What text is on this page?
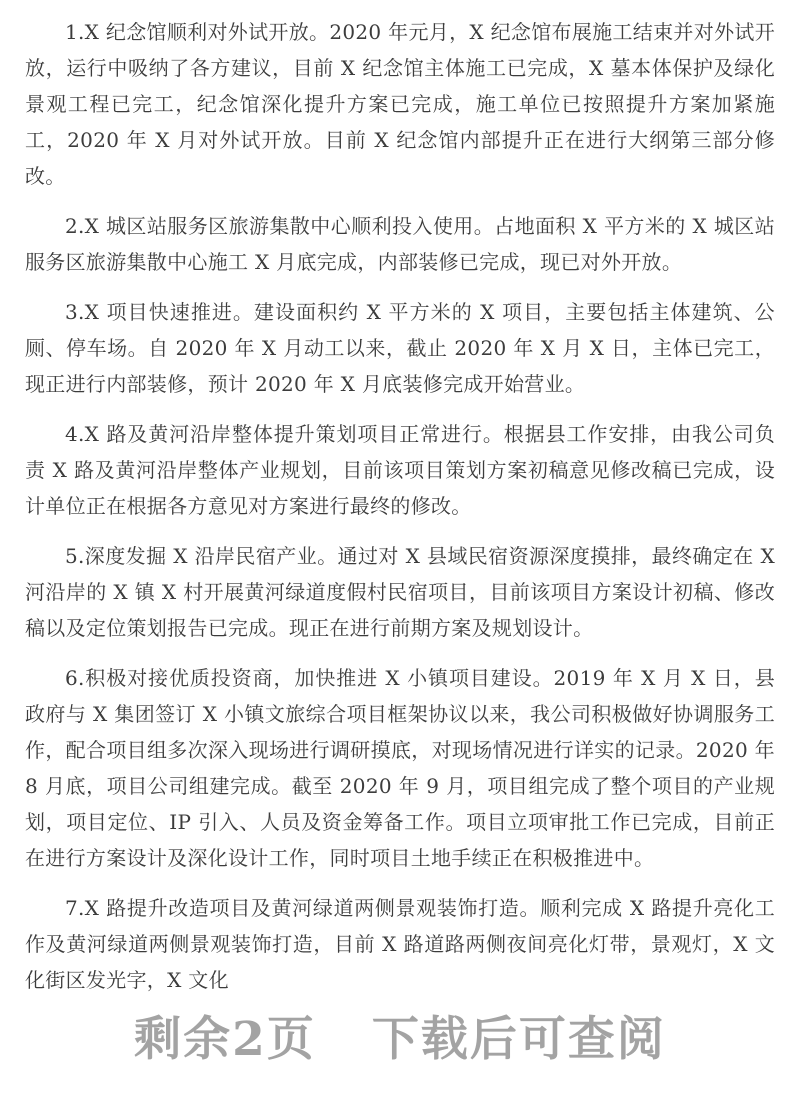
1.X 纪念馆顺利对外试开放。2020 年元月，X 纪念馆布展施工结束并对外试开放，运行中吸纳了各方建议，目前 X 纪念馆主体施工已完成，X 墓本体保护及绿化景观工程已完工，纪念馆深化提升方案已完成，施工单位已按照提升方案加紧施工，2020 年 X 月对外试开放。目前 X 纪念馆内部提升正在进行大纲第三部分修改。

2.X 城区站服务区旅游集散中心顺利投入使用。占地面积 X 平方米的 X 城区站服务区旅游集散中心施工 X 月底完成，内部装修已完成，现已对外开放。

3.X 项目快速推进。建设面积约 X 平方米的 X 项目，主要包括主体建筑、公厕、停车场。自 2020 年 X 月动工以来，截止 2020 年 X 月 X 日，主体已完工，现正进行内部装修，预计 2020 年 X 月底装修完成开始营业。

4.X 路及黄河沿岸整体提升策划项目正常进行。根据县工作安排，由我公司负责 X 路及黄河沿岸整体产业规划，目前该项目策划方案初稿意见修改稿已完成，设计单位正在根据各方意见对方案进行最终的修改。

5.深度发掘 X 沿岸民宿产业。通过对 X 县域民宿资源深度摸排，最终确定在 X 河沿岸的 X 镇 X 村开展黄河绿道度假村民宿项目，目前该项目方案设计初稿、修改稿以及定位策划报告已完成。现正在进行前期方案及规划设计。

6.积极对接优质投资商，加快推进 X 小镇项目建设。2019 年 X 月 X 日，县政府与 X 集团签订 X 小镇文旅综合项目框架协议以来，我公司积极做好协调服务工作，配合项目组多次深入现场进行调研摸底，对现场情况进行详实的记录。2020 年 8 月底，项目公司组建完成。截至 2020 年 9 月，项目组完成了整个项目的产业规划，项目定位、IP 引入、人员及资金筹备工作。项目立项审批工作已完成，目前正在进行方案设计及深化设计工作，同时项目土地手续正在积极推进中。

7.X 路提升改造项目及黄河绿道两侧景观装饰打造。顺利完成 X 路提升亮化工作及黄河绿道两侧景观装饰打造，目前 X 路道路两侧夜间亮化灯带，景观灯，X 文化街区发光字，X 文化

剩余2页 下载后可查阅
